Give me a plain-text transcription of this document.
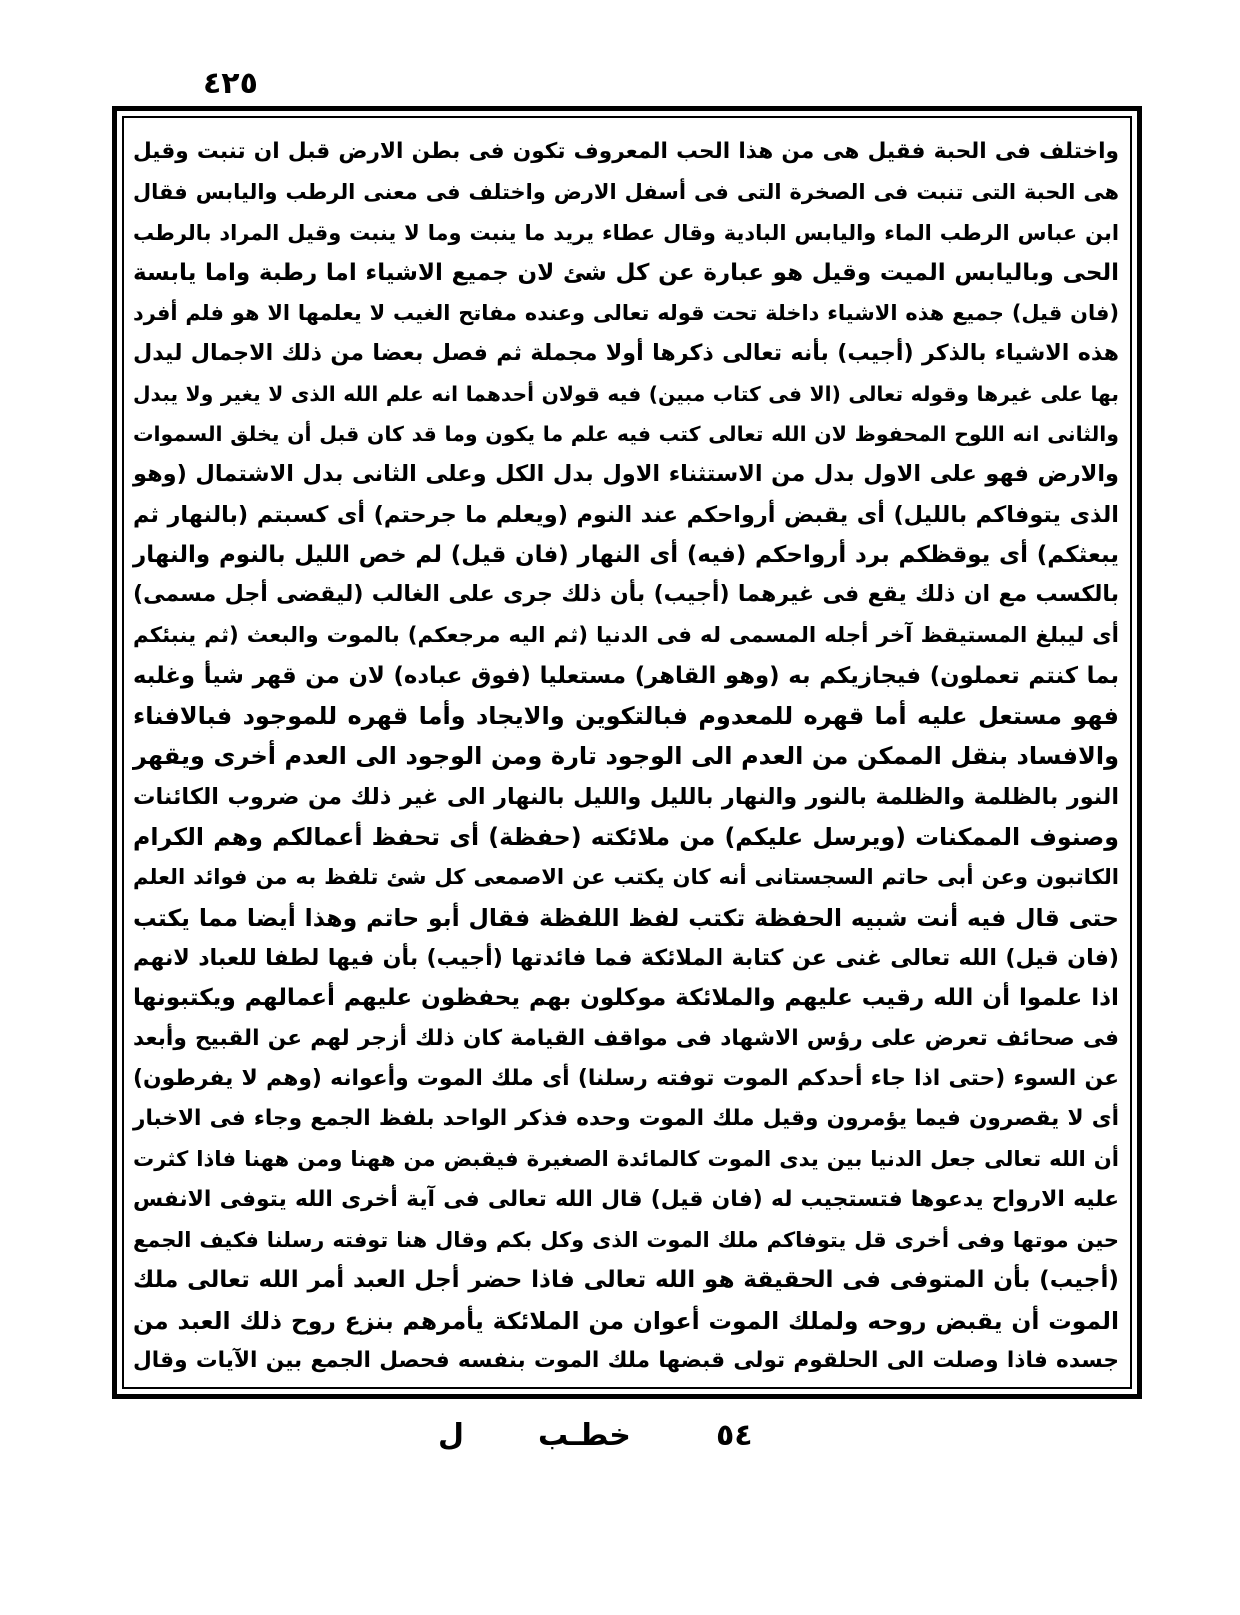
٤٢٥
واختلف فى الحبة فقيل هى من هذا الحب المعروف تكون فى بطن الارض قبل ان تنبت وقيل
هى الحبة التى تنبت فى الصخرة التى فى أسفل الارض واختلف فى معنى الرطب واليابس فقال
ابن عباس الرطب الماء واليابس البادية وقال عطاء يريد ما ينبت وما لا ينبت وقيل المراد بالرطب
الحى وباليابس الميت وقيل هو عبارة عن كل شئ لان جميع الاشياء اما رطبة واما يابسة
(فان قيل) جميع هذه الاشياء داخلة تحت قوله تعالى وعنده مفاتح الغيب لا يعلمها الا هو فلم أفرد
هذه الاشياء بالذكر (أجيب) بأنه تعالى ذكرها أولا مجملة ثم فصل بعضا من ذلك الاجمال ليدل
بها على غيرها وقوله تعالى (الا فى كتاب مبين) فيه قولان أحدهما انه علم الله الذى لا يغير ولا يبدل
والثانى انه اللوح المحفوظ لان الله تعالى كتب فيه علم ما يكون وما قد كان قبل أن يخلق السموات
والارض فهو على الاول بدل من الاستثناء الاول بدل الكل وعلى الثانى بدل الاشتمال (وهو
الذى يتوفاكم بالليل) أى يقبض أرواحكم عند النوم (ويعلم ما جرحتم) أى كسبتم (بالنهار ثم
يبعثكم) أى يوقظكم برد أرواحكم (فيه) أى النهار (فان قيل) لم خص الليل بالنوم والنهار
بالكسب مع ان ذلك يقع فى غيرهما (أجيب) بأن ذلك جرى على الغالب (ليقضى أجل مسمى)
أى ليبلغ المستيقظ آخر أجله المسمى له فى الدنيا (ثم اليه مرجعكم) بالموت والبعث (ثم ينبئكم
بما كنتم تعملون) فيجازيكم به (وهو القاهر) مستعليا (فوق عباده) لان من قهر شيأ وغلبه
فهو مستعل عليه أما قهره للمعدوم فبالتكوين والايجاد وأما قهره للموجود فبالافناء
والافساد بنقل الممكن من العدم الى الوجود تارة ومن الوجود الى العدم أخرى ويقهر
النور بالظلمة والظلمة بالنور والنهار بالليل والليل بالنهار الى غير ذلك من ضروب الكائنات
وصنوف الممكنات (ويرسل عليكم) من ملائكته (حفظة) أى تحفظ أعمالكم وهم الكرام
الكاتبون وعن أبى حاتم السجستانى أنه كان يكتب عن الاصمعى كل شئ تلفظ به من فوائد العلم
حتى قال فيه أنت شبيه الحفظة تكتب لفظ اللفظة فقال أبو حاتم وهذا أيضا مما يكتب
(فان قيل) الله تعالى غنى عن كتابة الملائكة فما فائدتها (أجيب) بأن فيها لطفا للعباد لانهم
اذا علموا أن الله رقيب عليهم والملائكة موكلون بهم يحفظون عليهم أعمالهم ويكتبونها
فى صحائف تعرض على رؤس الاشهاد فى مواقف القيامة كان ذلك أزجر لهم عن القبيح وأبعد
عن السوء (حتى اذا جاء أحدكم الموت توفته رسلنا) أى ملك الموت وأعوانه (وهم لا يفرطون)
أى لا يقصرون فيما يؤمرون وقيل ملك الموت وحده فذكر الواحد بلفظ الجمع وجاء فى الاخبار
أن الله تعالى جعل الدنيا بين يدى الموت كالمائدة الصغيرة فيقبض من ههنا ومن ههنا فاذا كثرت
عليه الارواح يدعوها فتستجيب له (فان قيل) قال الله تعالى فى آية أخرى الله يتوفى الانفس
حين موتها وفى أخرى قل يتوفاكم ملك الموت الذى وكل بكم وقال هنا توفته رسلنا فكيف الجمع
(أجيب) بأن المتوفى فى الحقيقة هو الله تعالى فاذا حضر أجل العبد أمر الله تعالى ملك
الموت أن يقبض روحه ولملك الموت أعوان من الملائكة يأمرهم بنزع روح ذلك العبد من
جسده فاذا وصلت الى الحلقوم تولى قبضها ملك الموت بنفسه فحصل الجمع بين الآيات وقال
ل خطـب	٥٤
